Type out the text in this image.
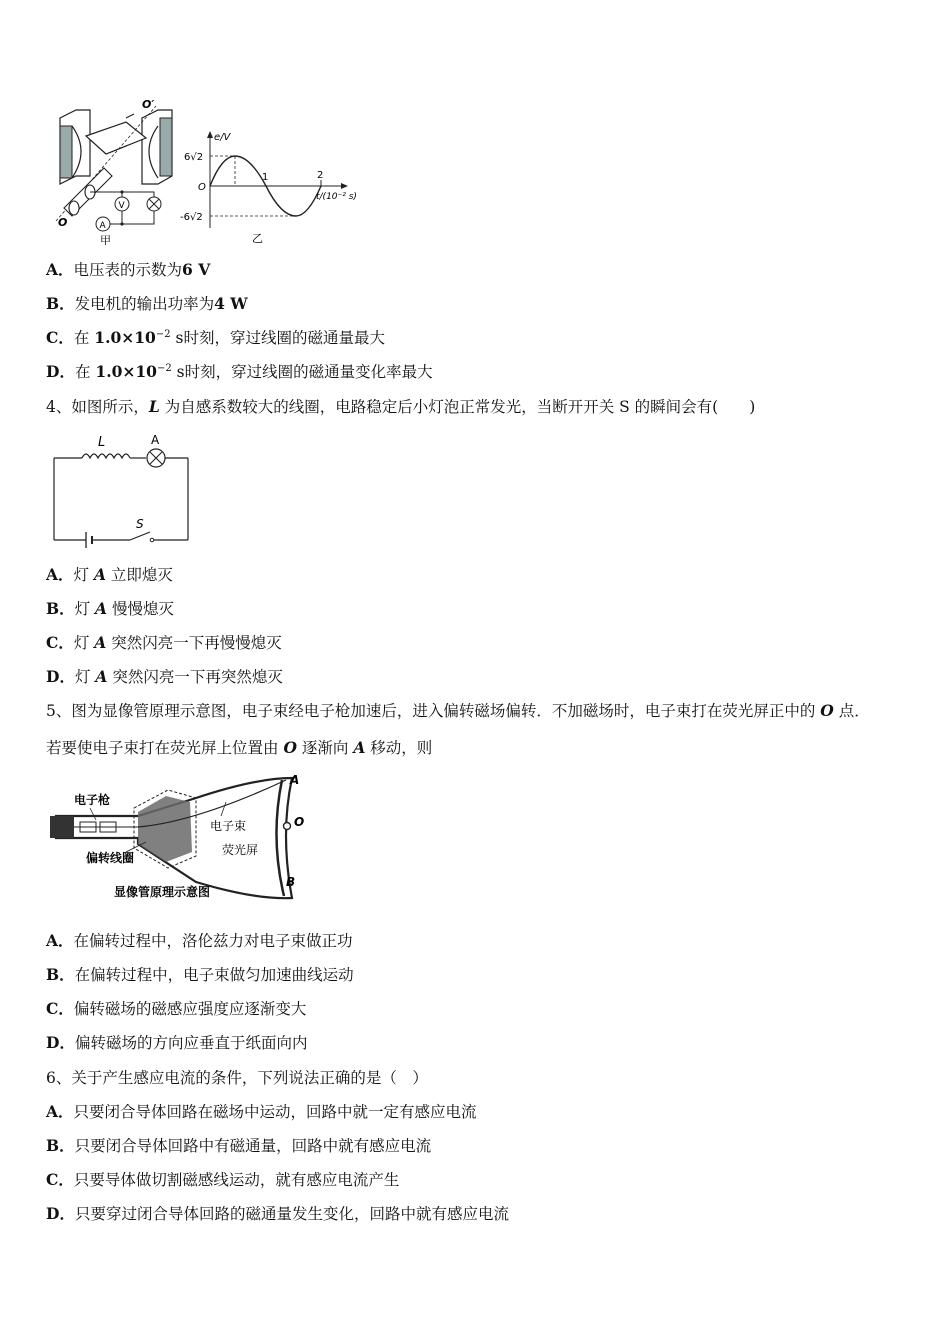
A
V
O
O′
甲
e/V
6√2
-6√2
O
1	2
t/(10⁻² s)
乙
A．电压表的示数为6 V
B．发电机的输出功率为4 W
C．在 $1.0\times 10^{-2}$ s时刻，穿过线圈的磁通量最大
D．在 $1.0\times 10^{-2}$ s时刻，穿过线圈的磁通量变化率最大
4、如图所示，L 为自感系数较大的线圈，电路稳定后小灯泡正常发光，当断开开关 S 的瞬间会有(　　)
L	A
S
A．灯 A 立即熄灭
B．灯 A 慢慢熄灭
C．灯 A 突然闪亮一下再慢慢熄灭
D．灯 A 突然闪亮一下再突然熄灭
5、图为显像管原理示意图，电子束经电子枪加速后，进入偏转磁场偏转．不加磁场时，电子束打在荧光屏正中的 O 点．
若要使电子束打在荧光屏上位置由 O 逐渐向 A 移动，则
电子枪
偏转线圈
电子束
荧光屏
A
O
B
显像管原理示意图
A．在偏转过程中，洛伦兹力对电子束做正功
B．在偏转过程中，电子束做匀加速曲线运动
C．偏转磁场的磁感应强度应逐渐变大
D．偏转磁场的方向应垂直于纸面向内
6、关于产生感应电流的条件，下列说法正确的是（　）
A．只要闭合导体回路在磁场中运动，回路中就一定有感应电流
B．只要闭合导体回路中有磁通量，回路中就有感应电流
C．只要导体做切割磁感线运动，就有感应电流产生
D．只要穿过闭合导体回路的磁通量发生变化，回路中就有感应电流
